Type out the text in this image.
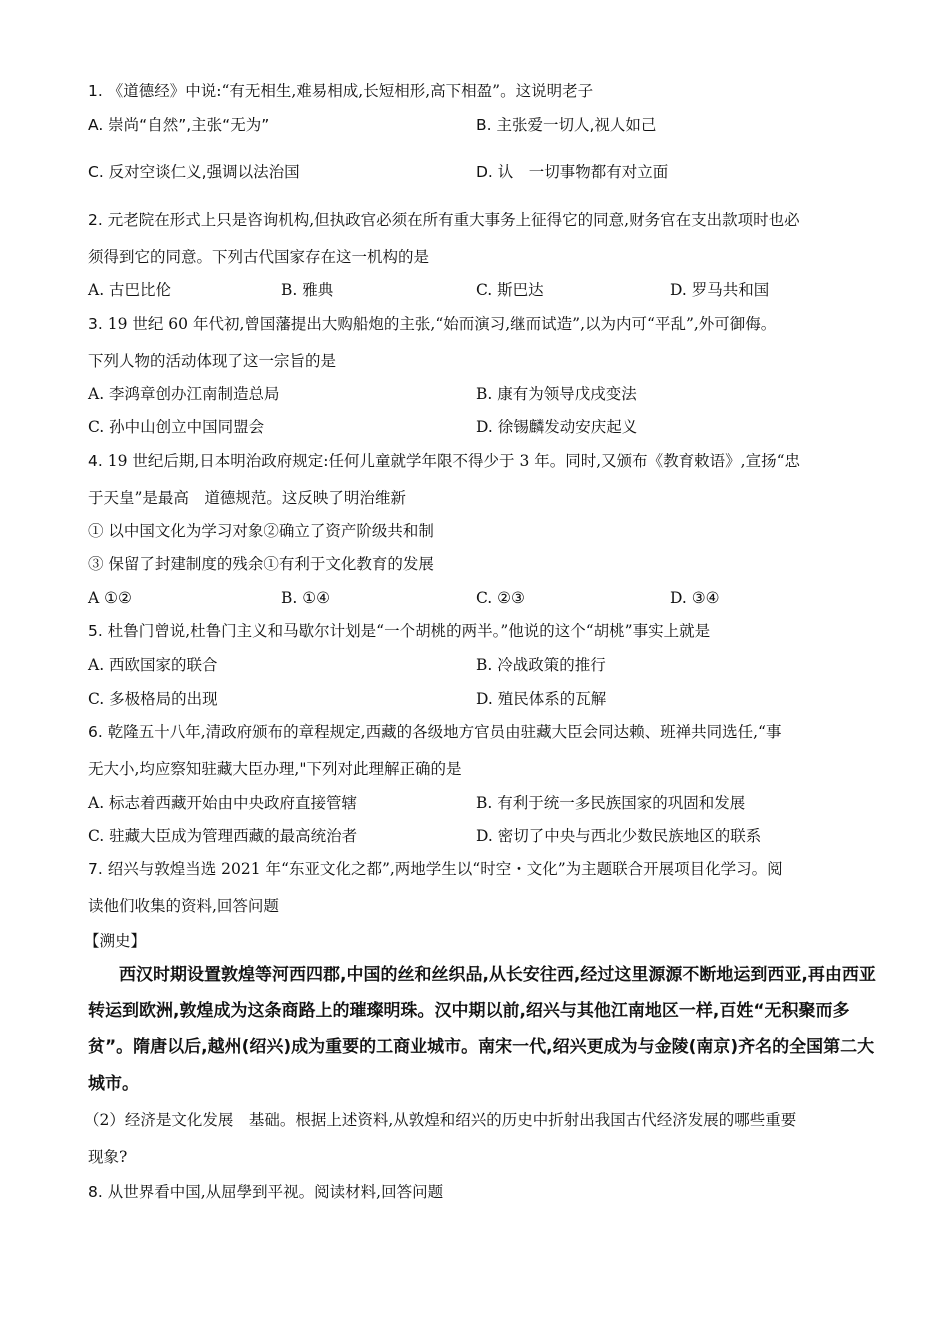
1. 《道德经》中说:“有无相生,难易相成,长短相形,高下相盈”。这说明老子
A. 崇尚“自然”,主张“无为”	B. 主张爱一切人,视人如己
C. 反对空谈仁义,强调以法治国	D. 认　一切事物都有对立面
2. 元老院在形式上只是咨询机构,但执政官必须在所有重大事务上征得它的同意,财务官在支出款项时也必
须得到它的同意。下列古代国家存在这一机构的是
A. 古巴比伦	B. 雅典	C. 斯巴达	D. 罗马共和国
3. 19 世纪 60 年代初,曾国藩提出大购船炮的主张,“始而演习,继而试造”,以为内可“平乱”,外可御侮。
下列人物的活动体现了这一宗旨的是
A. 李鸿章创办江南制造总局	B. 康有为领导戊戌变法
C. 孙中山创立中国同盟会	D. 徐锡麟发动安庆起义
4. 19 世纪后期,日本明治政府规定:任何儿童就学年限不得少于 3 年。同时,又颁布《教育敕语》,宣扬“忠
于天皇”是最高　道德规范。这反映了明治维新
① 以中国文化为学习对象②确立了资产阶级共和制
③ 保留了封建制度的残余①有利于文化教育的发展
A ①②	B. ①④	C. ②③	D. ③④
5. 杜鲁门曾说,杜鲁门主义和马歇尔计划是“一个胡桃的两半。”他说的这个“胡桃”事实上就是
A. 西欧国家的联合	B. 冷战政策的推行
C. 多极格局的出现	D. 殖民体系的瓦解
6. 乾隆五十八年,清政府颁布的章程规定,西藏的各级地方官员由驻藏大臣会同达赖、班禅共同选任,“事
无大小,均应察知驻藏大臣办理,"下列对此理解正确的是
A. 标志着西藏开始由中央政府直接管辖	B. 有利于统一多民族国家的巩固和发展
C. 驻藏大臣成为管理西藏的最高统治者	D. 密切了中央与西北少数民族地区的联系
7. 绍兴与敦煌当选 2021 年“东亚文化之都”,两地学生以“时空・文化”为主题联合开展项目化学习。阅
读他们收集的资料,回答问题
【溯史】
西汉时期设置敦煌等河西四郡,中国的丝和丝织品,从长安往西,经过这里源源不断地运到西亚,再由西亚
转运到欧洲,敦煌成为这条商路上的璀璨明珠。汉中期以前,绍兴与其他江南地区一样,百姓“无积聚而多
贫”。隋唐以后,越州(绍兴)成为重要的工商业城市。南宋一代,绍兴更成为与金陵(南京)齐名的全国第二大
城市。
（2）经济是文化发展　基础。根据上述资料,从敦煌和绍兴的历史中折射出我国古代经济发展的哪些重要
现象?
8. 从世界看中国,从屈學到平视。阅读材料,回答问题
